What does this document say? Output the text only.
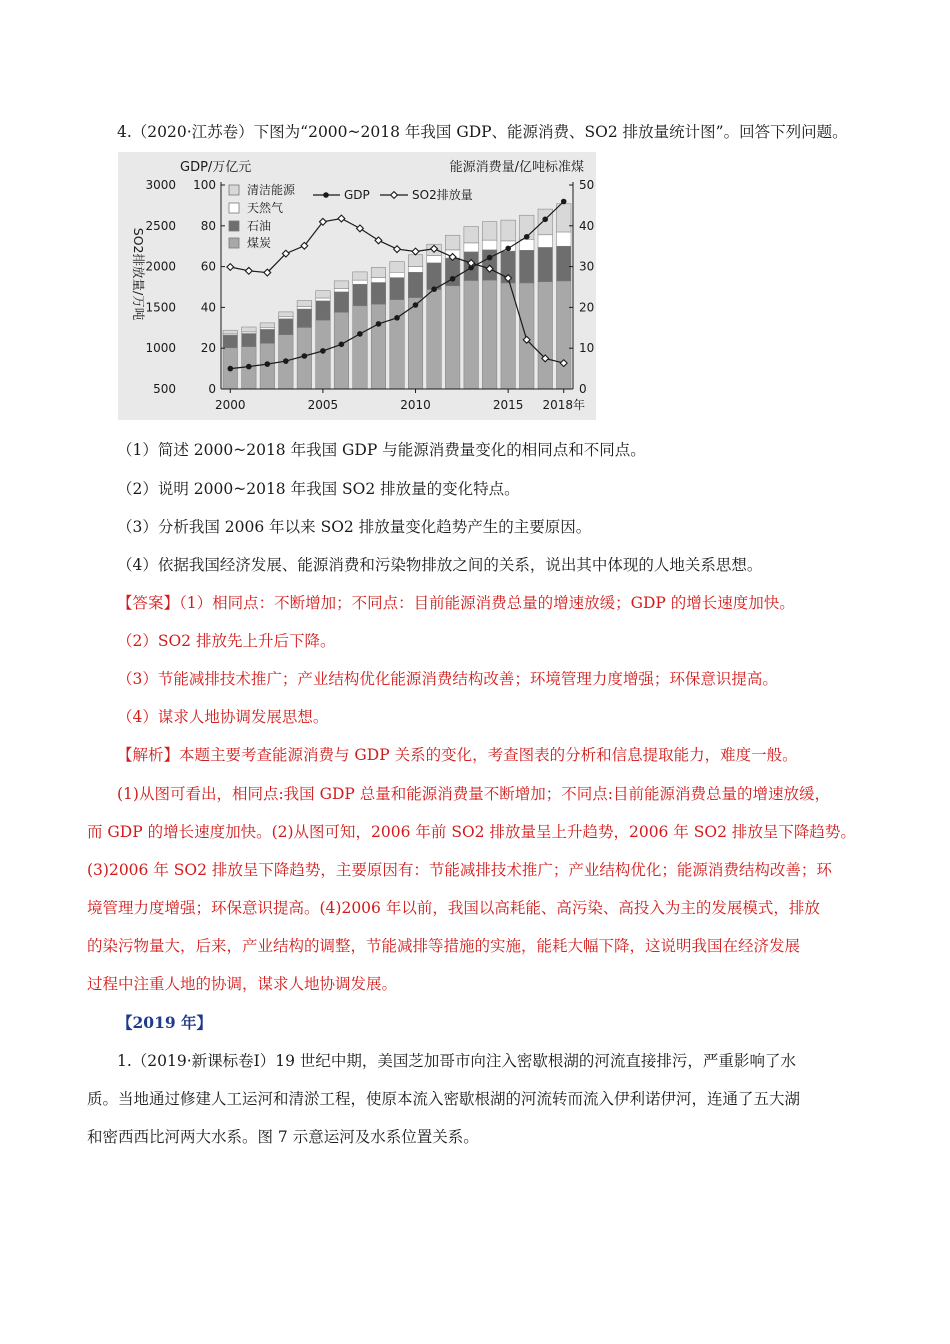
4.（2020·江苏卷）下图为“2000~2018 年我国 GDP、能源消费、SO2 排放量统计图”。回答下列问题。
500
1000
1500
2000
2500
3000
0
20
40
60
80
100
0
10
20
30
40
50
2000	2005	2010	2015 2018年
GDP/万亿元	能源消费量/亿吨标准煤
SO2排放量/万吨
清洁能源
天然气
石油
煤炭
GDP	SO2排放量
（1）简述 2000~2018 年我国 GDP 与能源消费量变化的相同点和不同点。
（2）说明 2000~2018 年我国 SO2 排放量的变化特点。
（3）分析我国 2006 年以来 SO2 排放量变化趋势产生的主要原因。
（4）依据我国经济发展、能源消费和污染物排放之间的关系，说出其中体现的人地关系思想。
【答案】（1）相同点：不断增加；不同点：目前能源消费总量的增速放缓；GDP 的增长速度加快。
（2）SO2 排放先上升后下降。
（3）节能减排技术推广；产业结构优化能源消费结构改善；环境管理力度增强；环保意识提高。
（4）谋求人地协调发展思想。
【解析】本题主要考查能源消费与 GDP 关系的变化，考查图表的分析和信息提取能力，难度一般。
(1)从图可看出，相同点:我国 GDP 总量和能源消费量不断增加；不同点:目前能源消费总量的增速放缓，
而 GDP 的增长速度加快。(2)从图可知，2006 年前 SO2 排放量呈上升趋势，2006 年 SO2 排放呈下降趋势。
(3)2006 年 SO2 排放呈下降趋势，主要原因有：节能减排技术推广；产业结构优化；能源消费结构改善；环
境管理力度增强；环保意识提高。(4)2006 年以前，我国以高耗能、高污染、高投入为主的发展模式，排放
的染污物量大，后来，产业结构的调整，节能减排等措施的实施，能耗大幅下降，这说明我国在经济发展
过程中注重人地的协调，谋求人地协调发展。
【2019 年】
1.（2019·新课标卷Ⅰ）19 世纪中期，美国芝加哥市向注入密歇根湖的河流直接排污，严重影响了水
质。当地通过修建人工运河和清淤工程，使原本流入密歇根湖的河流转而流入伊利诺伊河，连通了五大湖
和密西西比河两大水系。图 7 示意运河及水系位置关系。
